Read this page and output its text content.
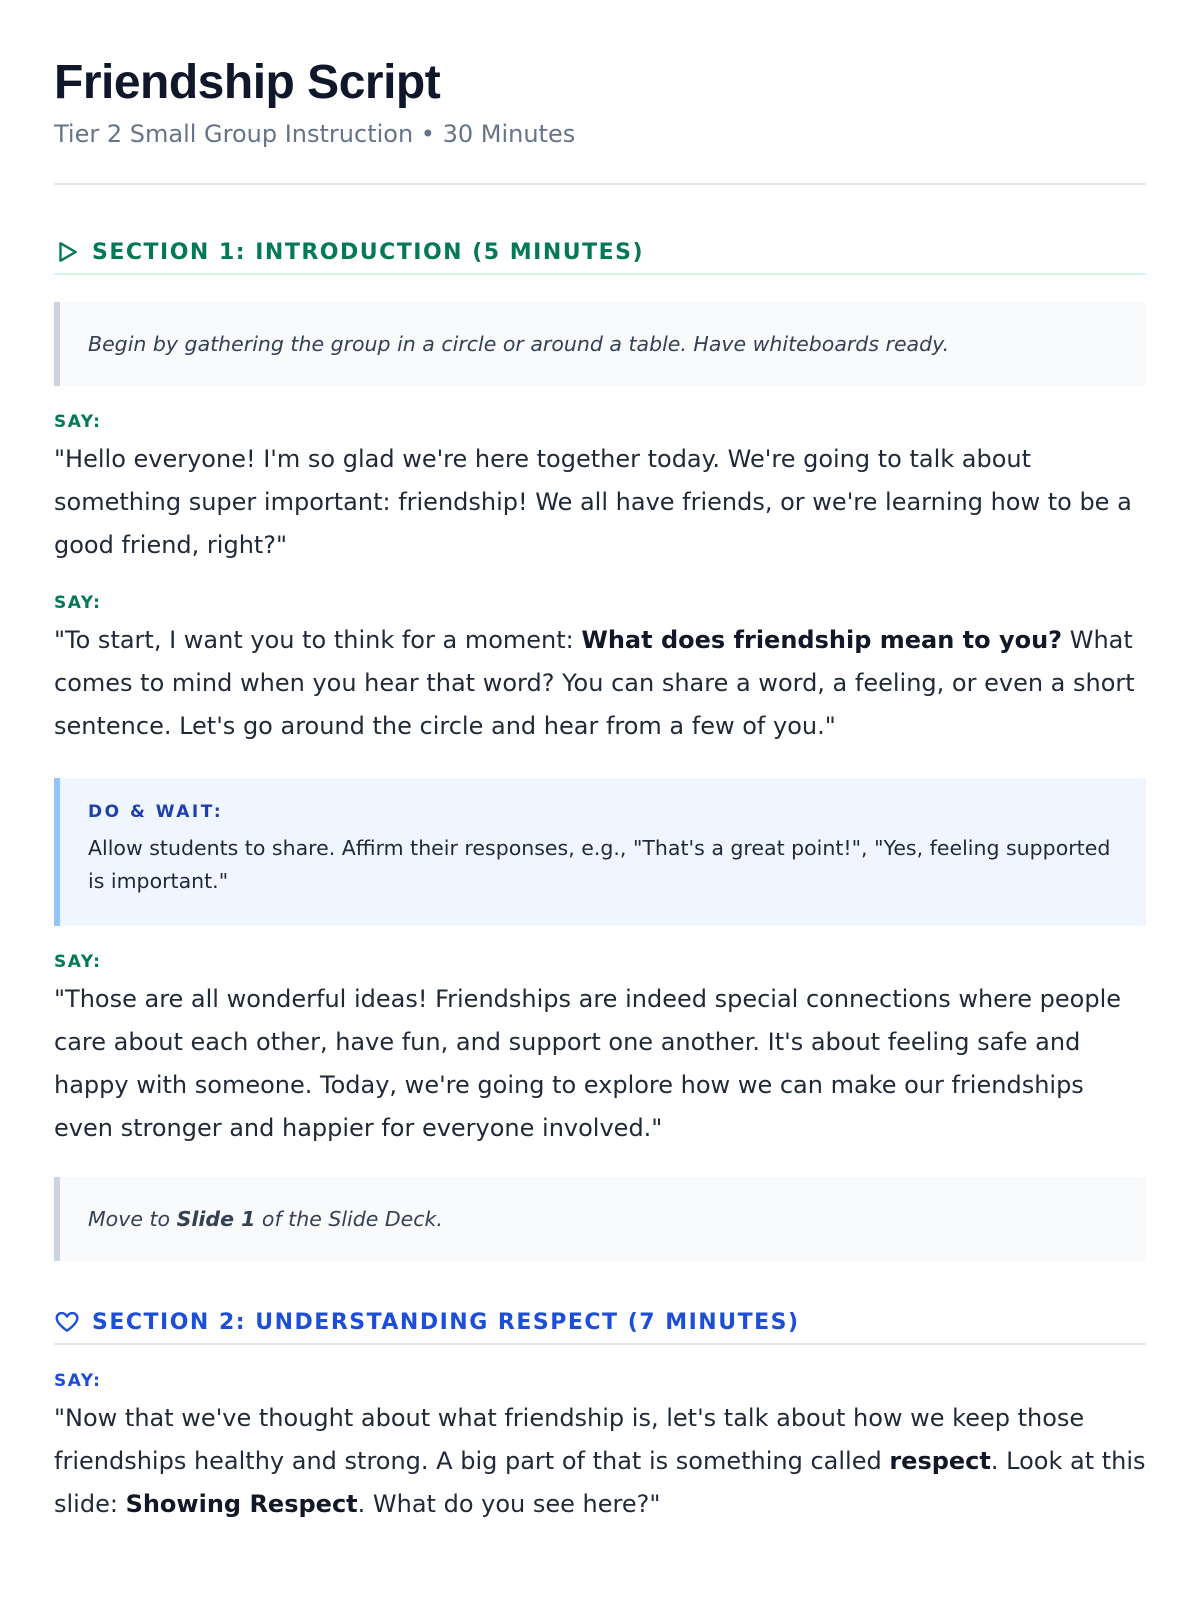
Friendship Script
Tier 2 Small Group Instruction • 30 Minutes
SECTION 1: INTRODUCTION (5 MINUTES)
Begin by gathering the group in a circle or around a table. Have whiteboards ready.
SAY:
"Hello everyone! I'm so glad we're here together today. We're going to talk about something super important: friendship! We all have friends, or we're learning how to be a good friend, right?"
SAY:
"To start, I want you to think for a moment: What does friendship mean to you? What comes to mind when you hear that word? You can share a word, a feeling, or even a short sentence. Let's go around the circle and hear from a few of you."
DO & WAIT:
Allow students to share. Affirm their responses, e.g., "That's a great point!", "Yes, feeling supported is important."
SAY:
"Those are all wonderful ideas! Friendships are indeed special connections where people care about each other, have fun, and support one another. It's about feeling safe and happy with someone. Today, we're going to explore how we can make our friendships even stronger and happier for everyone involved."
Move to Slide 1 of the Slide Deck.
SECTION 2: UNDERSTANDING RESPECT (7 MINUTES)
SAY:
"Now that we've thought about what friendship is, let's talk about how we keep those friendships healthy and strong. A big part of that is something called respect. Look at this slide: Showing Respect. What do you see here?"
